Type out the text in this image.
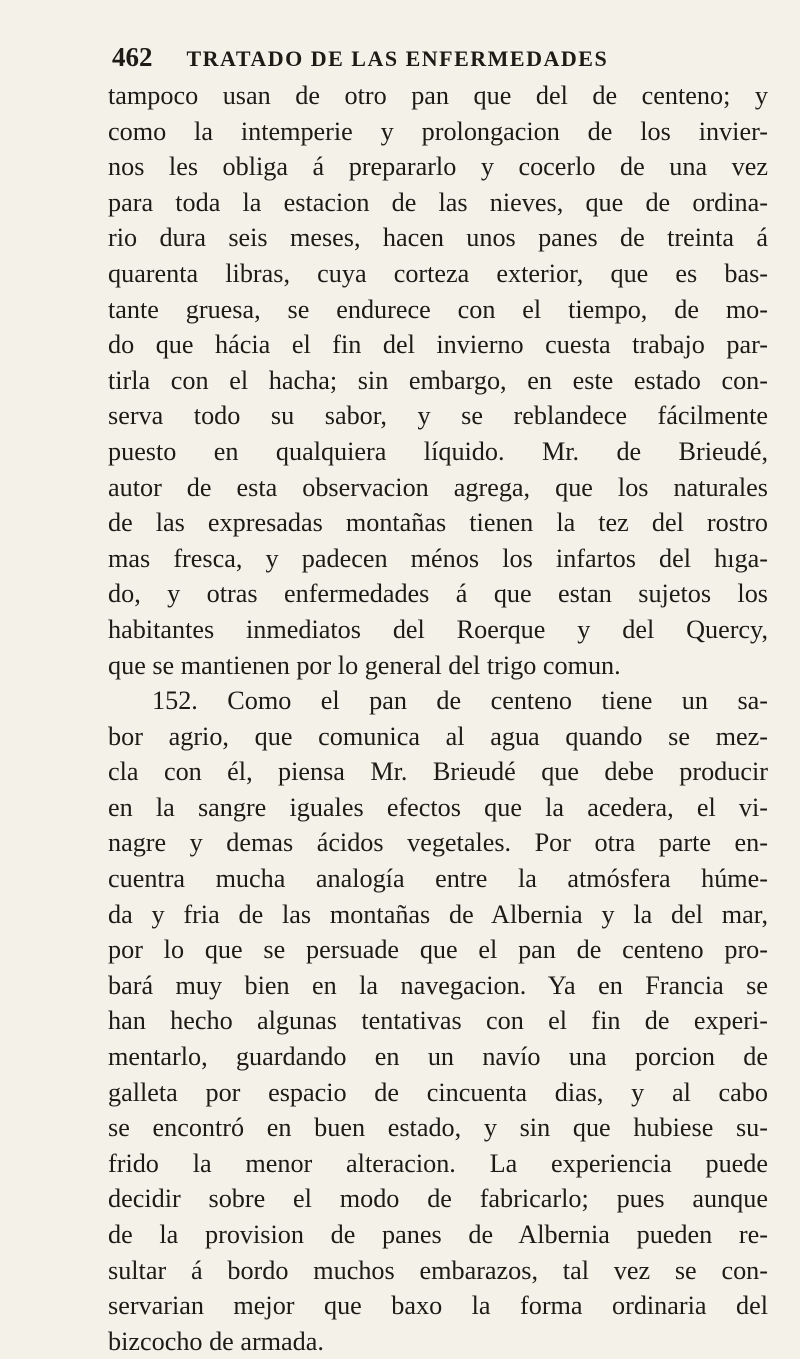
462 TRATADO DE LAS ENFERMEDADES
tampoco usan de otro pan que del de centeno; y
como la intemperie y prolongacion de los invier-
nos les obliga á prepararlo y cocerlo de una vez
para toda la estacion de las nieves, que de ordina-
rio dura seis meses, hacen unos panes de treinta á
quarenta libras, cuya corteza exterior, que es bas-
tante gruesa, se endurece con el tiempo, de mo-
do que hácia el fin del invierno cuesta trabajo par-
tirla con el hacha; sin embargo, en este estado con-
serva todo su sabor, y se reblandece fácilmente
puesto en qualquiera líquido. Mr. de Brieudé,
autor de esta observacion agrega, que los naturales
de las expresadas montañas tienen la tez del rostro
mas fresca, y padecen ménos los infartos del hıga-
do, y otras enfermedades á que estan sujetos los
habitantes inmediatos del Roerque y del Quercy,
que se mantienen por lo general del trigo comun.
152. Como el pan de centeno tiene un sa-
bor agrio, que comunica al agua quando se mez-
cla con él, piensa Mr. Brieudé que debe producir
en la sangre iguales efectos que la acedera, el vi-
nagre y demas ácidos vegetales. Por otra parte en-
cuentra mucha analogía entre la atmósfera húme-
da y fria de las montañas de Albernia y la del mar,
por lo que se persuade que el pan de centeno pro-
bará muy bien en la navegacion. Ya en Francia se
han hecho algunas tentativas con el fin de experi-
mentarlo, guardando en un navío una porcion de
galleta por espacio de cincuenta dias, y al cabo
se encontró en buen estado, y sin que hubiese su-
frido la menor alteracion. La experiencia puede
decidir sobre el modo de fabricarlo; pues aunque
de la provision de panes de Albernia pueden re-
sultar á bordo muchos embarazos, tal vez se con-
servarian mejor que baxo la forma ordinaria del
bizcocho de armada.
